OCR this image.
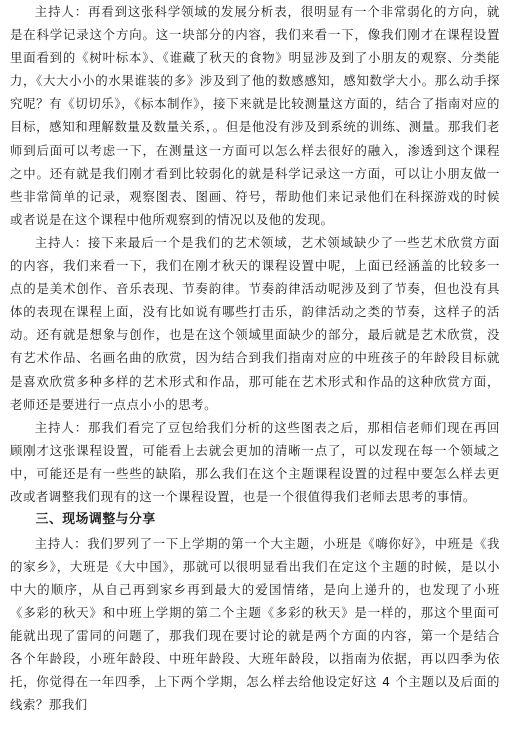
主持人：再看到这张科学领域的发展分析表，很明显有一个非常弱化的方向，就是在科学记录这个方向。这一块部分的内容，我们来看一下，像我们刚才在课程设置里面看到的《树叶标本》、《谁藏了秋天的食物》明显涉及到了小朋友的观察、分类能力，《大大小小的水果谁装的多》涉及到了他的数感感知，感知数学大小。那么动手探究呢？有《切切乐》，《标本制作》，接下来就是比较测量这方面的，结合了指南对应的目标，感知和理解数量及数量关系，。但是他没有涉及到系统的训练、测量。那我们老师到后面可以考虑一下，在测量这一方面可以怎么样去很好的融入，渗透到这个课程之中。还有就是我们刚才看到比较弱化的就是科学记录这一方面，可以让小朋友做一些非常简单的记录，观察图表、图画、符号，帮助他们来记录他们在科探游戏的时候或者说是在这个课程中他所观察到的情况以及他的发现。

主持人：接下来最后一个是我们的艺术领域，艺术领域缺少了一些艺术欣赏方面的内容，我们来看一下，我们在刚才秋天的课程设置中呢，上面已经涵盖的比较多一点的是美术创作、音乐表现、节奏韵律。节奏韵律活动呢涉及到了节奏，但也没有具体的表现在课程上面，没有比如说有哪些打击乐，韵律活动之类的节奏，这样子的活动。还有就是想象与创作，也是在这个领域里面缺少的部分，最后就是艺术欣赏，没有艺术作品、名画名曲的欣赏，因为结合到我们指南对应的中班孩子的年龄段目标就是喜欢欣赏多种多样的艺术形式和作品，那可能在艺术形式和作品的这种欣赏方面，老师还是要进行一点点小小的思考。

主持人：那我们看完了豆包给我们分析的这些图表之后，那相信老师们现在再回顾刚才这张课程设置，可能看上去就会更加的清晰一点了，可以发现在每一个领域之中，可能还是有一些些的缺陷，那么我们在这个主题课程设置的过程中要怎么样去更改或者调整我们现有的这一个课程设置，也是一个很值得我们老师去思考的事情。

三、现场调整与分享

主持人：我们罗列了一下上学期的第一个大主题，小班是《嗨你好》，中班是《我的家乡》，大班是《大中国》，那就可以很明显看出我们在定这个主题的时候，是以小中大的顺序，从自己再到家乡再到最大的爱国情绪，是向上递升的，也发现了小班《多彩的秋天》和中班上学期的第二个主题《多彩的秋天》是一样的，那这个里面可能就出现了雷同的问题了，那我们现在要讨论的就是两个方面的内容，第一个是结合各个年龄段，小班年龄段、中班年龄段、大班年龄段，以指南为依据，再以四季为依托，你觉得在一年四季，上下两个学期，怎么样去给他设定好这 4 个主题以及后面的线索？那我们
